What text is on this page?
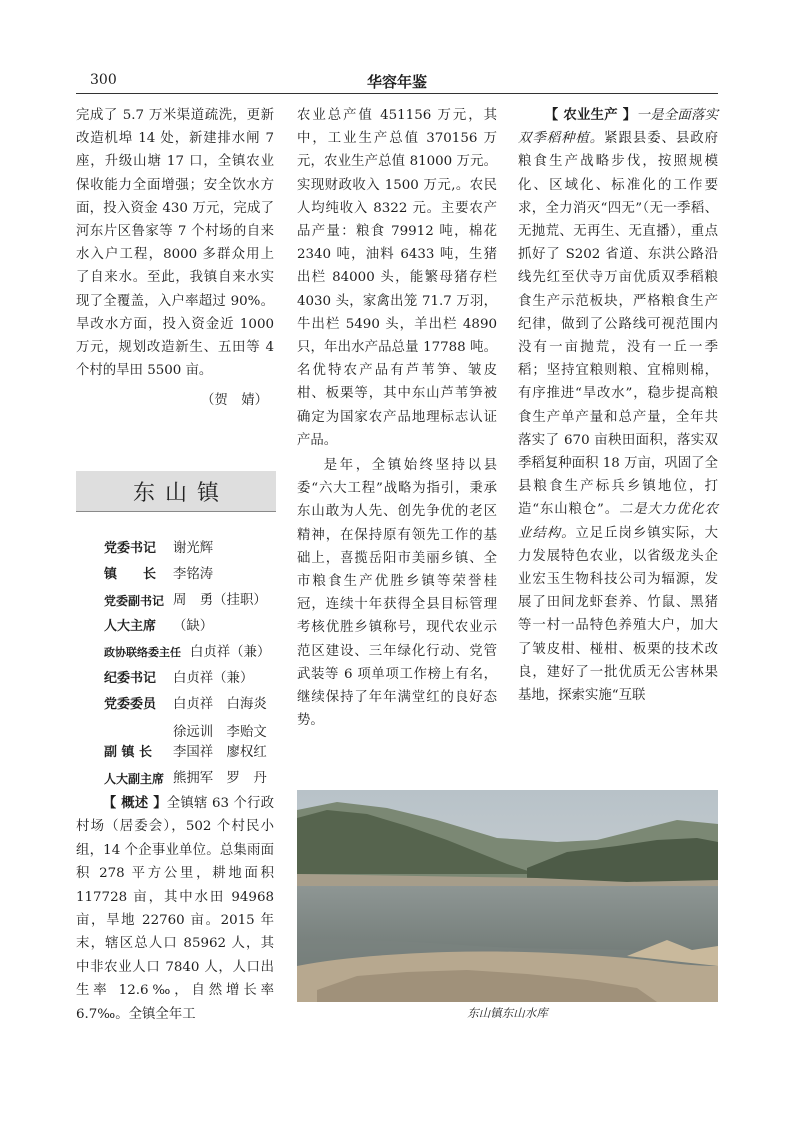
300	华容年鉴

完成了 5.7 万米渠道疏洗，更新改造机埠 14 处，新建排水闸 7 座，升级山塘 17 口，全镇农业保收能力全面增强；安全饮水方面，投入资金 430 万元，完成了河东片区鲁家等 7 个村场的自来水入户工程，8000 多群众用上了自来水。至此，我镇自来水实现了全覆盖，入户率超过 90%。旱改水方面，投入资金近 1000 万元，规划改造新生、五田等 4 个村的旱田 5500 亩。

（贺　婧）

东山镇
党委书记 谢光辉
镇　　长 李铭涛
党委副书记 周　勇（挂职）
人大主席 （缺）
政协联络委主任 白贞祥（兼）
纪委书记 白贞祥（兼）
党委委员 白贞祥　白海炎
徐远训　李贻文
副 镇 长 李国祥　廖权红
人大副主席 熊拥军　罗　丹

【 概述 】全镇辖 63 个行政村场（居委会），502 个村民小组，14 个企事业单位。总集雨面积 278 平方公里，耕地面积 117728 亩，其中水田 94968 亩，旱地 22760 亩。2015 年末，辖区总人口 85962 人，其中非农业人口 7840 人，人口出生率 12.6‰，自然增长率 6.7‰。全镇全年工

农业总产值 451156 万元，其中，工业生产总值 370156 万元，农业生产总值 81000 万元。实现财政收入 1500 万元,。农民人均纯收入 8322 元。主要农产品产量：粮食 79912 吨，棉花 2340 吨，油料 6433 吨，生猪出栏 84000 头，能繁母猪存栏 4030 头，家禽出笼 71.7 万羽，牛出栏 5490 头，羊出栏 4890 只，年出水产品总量 17788 吨。名优特农产品有芦苇笋、皱皮柑、板栗等，其中东山芦苇笋被确定为国家农产品地理标志认证产品。

是年，全镇始终坚持以县委“六大工程”战略为指引，秉承东山敢为人先、创先争优的老区精神，在保持原有领先工作的基础上，喜揽岳阳市美丽乡镇、全市粮食生产优胜乡镇等荣誉桂冠，连续十年获得全县目标管理考核优胜乡镇称号，现代农业示范区建设、三年绿化行动、党管武装等 6 项单项工作榜上有名，继续保持了年年满堂红的良好态势。

【 农业生产 】一是全面落实双季稻种植。紧跟县委、县政府粮食生产战略步伐，按照规模化、区域化、标准化的工作要求，全力消灭“四无”（无一季稻、无抛荒、无再生、无直播），重点抓好了 S202 省道、东洪公路沿线先红至伏寺万亩优质双季稻粮食生产示范板块，严格粮食生产纪律，做到了公路线可视范围内没有一亩抛荒，没有一丘一季稻；坚持宜粮则粮、宜棉则棉，有序推进“旱改水”，稳步提高粮食生产单产量和总产量，全年共落实了 670 亩秧田面积，落实双季稻复种面积 18 万亩，巩固了全县粮食生产标兵乡镇地位，打造“东山粮仓”。二是大力优化农业结构。立足丘岗乡镇实际，大力发展特色农业，以省级龙头企业宏玉生物科技公司为辐源，发展了田间龙虾套养、竹鼠、黑猪等一村一品特色养殖大户，加大了皱皮柑、椪柑、板栗的技术改良，建好了一批优质无公害林果基地，探索实施“互联

东山镇东山水库
